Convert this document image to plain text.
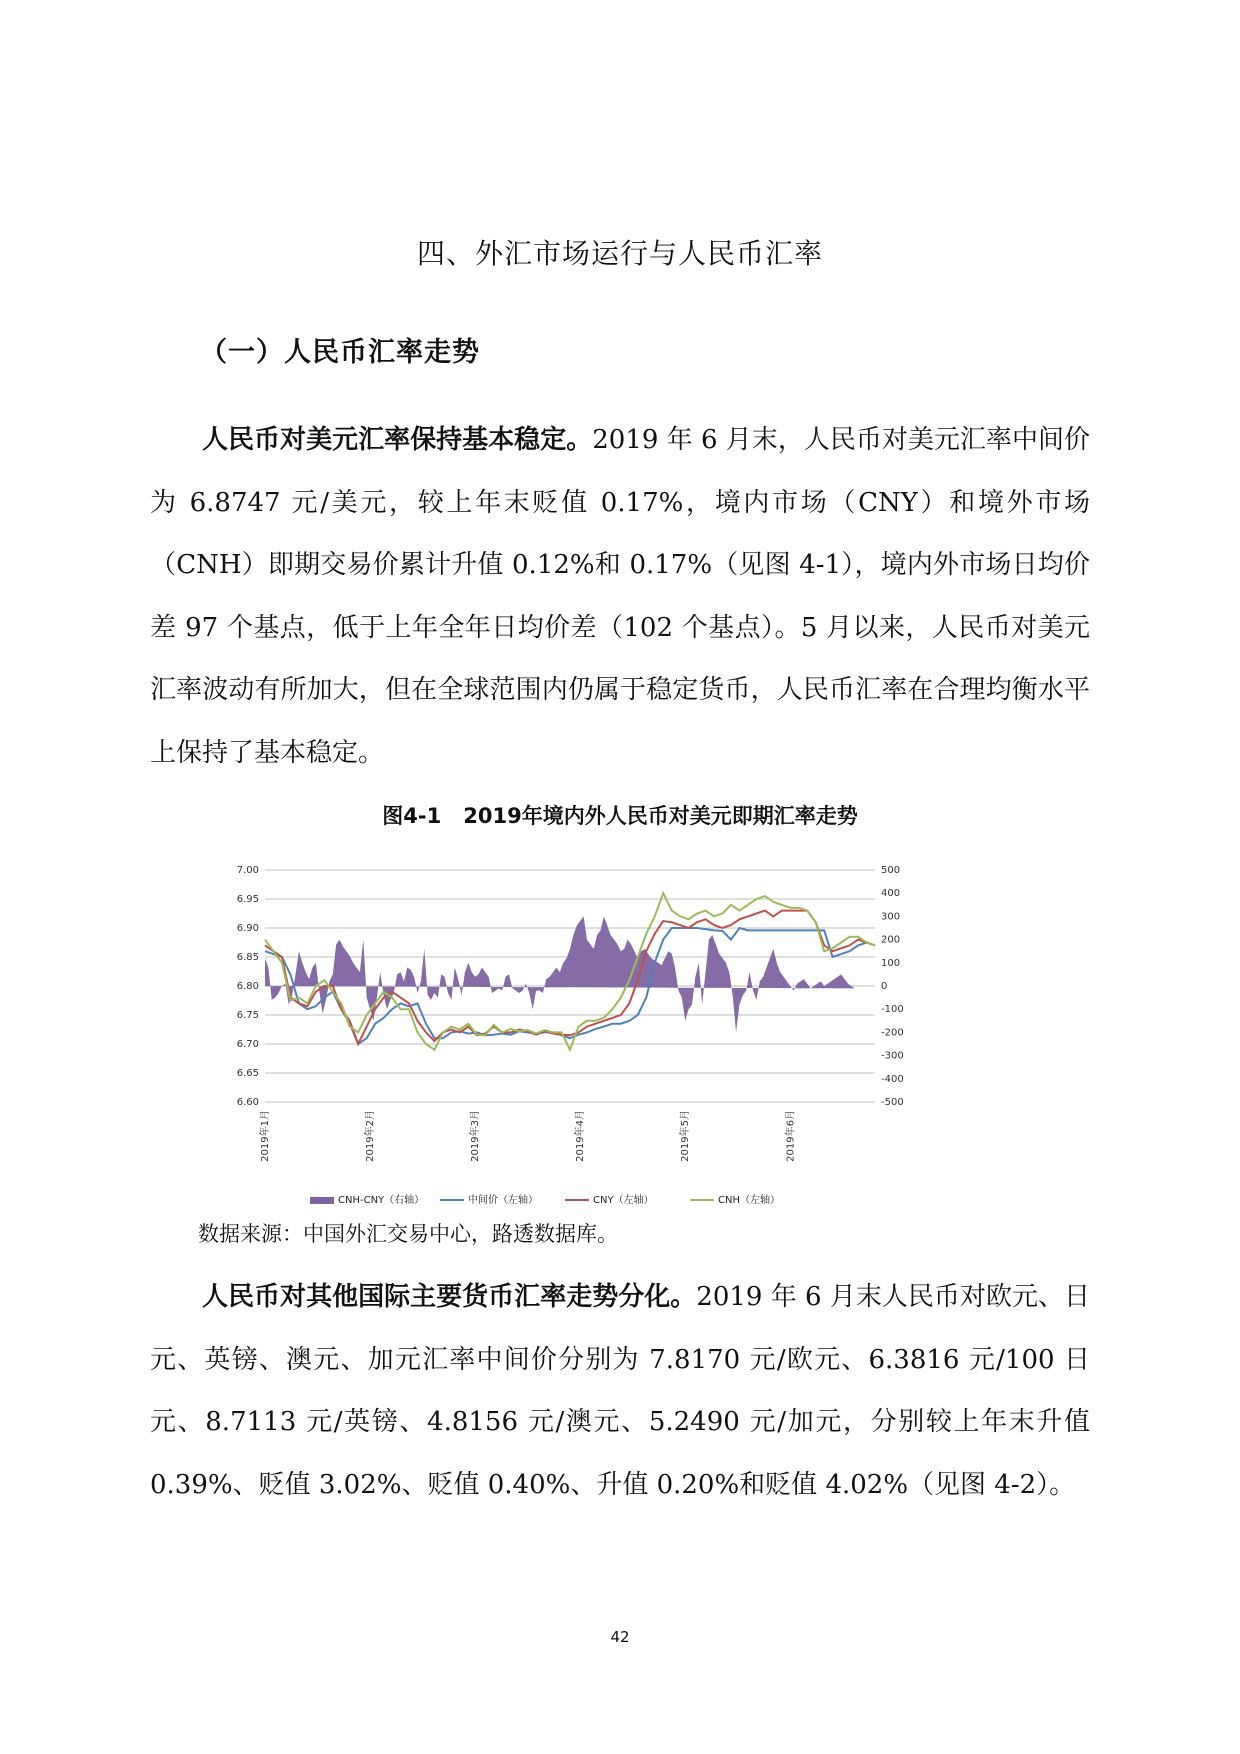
四、外汇市场运行与人民币汇率
（一）人民币汇率走势
人民币对美元汇率保持基本稳定。2019 年 6 月末，人民币对美元汇率中间价为 6.8747 元/美元，较上年末贬值 0.17%，境内市场（CNY）和境外市场（CNH）即期交易价累计升值 0.12%和 0.17%（见图 4-1），境内外市场日均价差 97 个基点，低于上年全年日均价差（102 个基点）。5 月以来，人民币对美元汇率波动有所加大，但在全球范围内仍属于稳定货币，人民币汇率在合理均衡水平上保持了基本稳定。
图4-1 2019年境内外人民币对美元即期汇率走势
7.00
6.95
6.90
6.85
6.80
6.75
6.70
6.65
6.60
500
400
300
200
100
0
-100
-200
-300
-400
-500
2019年1月	2019年2月	2019年3月	2019年4月	2019年5月	2019年6月
CNH-CNY（右轴）	中间价（左轴）	CNY（左轴）	CNH（左轴）
数据来源：中国外汇交易中心，路透数据库。
人民币对其他国际主要货币汇率走势分化。2019 年 6 月末人民币对欧元、日元、英镑、澳元、加元汇率中间价分别为 7.8170 元/欧元、6.3816 元/100 日元、8.7113 元/英镑、4.8156 元/澳元、5.2490 元/加元，分别较上年末升值 0.39%、贬值 3.02%、贬值 0.40%、升值 0.20%和贬值 4.02%（见图 4-2）。
42
